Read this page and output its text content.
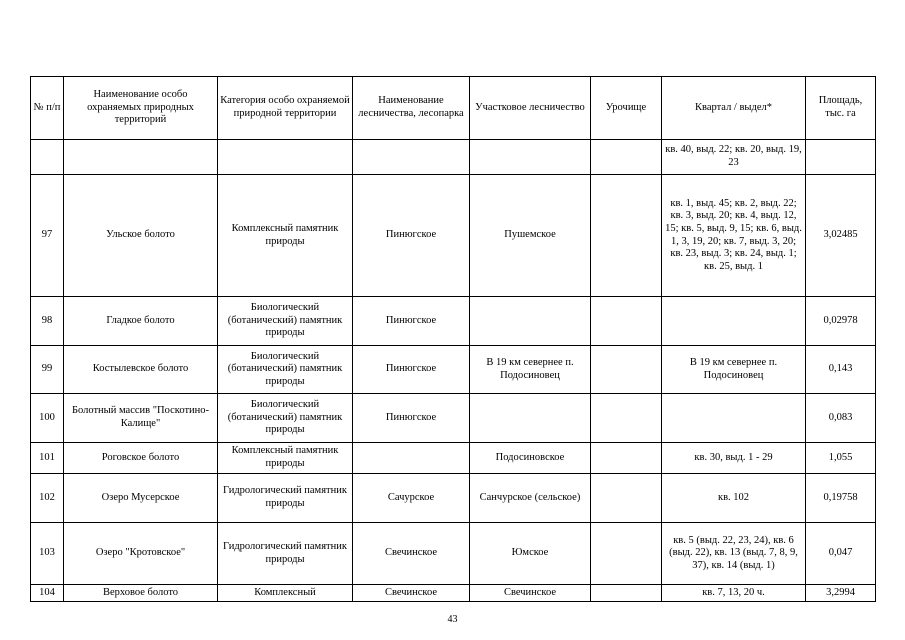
№ п/п	Наименование особо охраняемых природных территорий	Категория особо охраняемой природной территории	Наименование лесничества, лесопарка	Участковое лесничество	Урочище	Квартал / выдел*	Площадь, тыс. га
						кв. 40, выд. 22; кв. 20, выд. 19, 23	
97	Ульское болото	Комплексный памятник природы	Пинюгское	Пушемское		кв. 1, выд. 45; кв. 2, выд. 22; кв. 3, выд. 20; кв. 4, выд. 12, 15; кв. 5, выд. 9, 15; кв. 6, выд. 1, 3, 19, 20; кв. 7, выд. 3, 20; кв. 23, выд. 3; кв. 24, выд. 1; кв. 25, выд. 1	3,02485
98	Гладкое болото	Биологический (ботанический) памятник природы	Пинюгское				0,02978
99	Костылевское болото	Биологический (ботанический) памятник природы	Пинюгское	В 19 км севернее п. Подосиновец		В 19 км севернее п. Подосиновец	0,143
100	Болотный массив "Поскотино-Калище"	Биологический (ботанический) памятник природы	Пинюгское				0,083
101	Роговское болото	Комплексный памятник природы		Подосиновское		кв. 30, выд. 1 - 29	1,055
102	Озеро Мусерское	Гидрологический памятник природы	Сачурское	Санчурское (сельское)		кв. 102	0,19758
103	Озеро "Кротовское"	Гидрологический памятник природы	Свечинское	Юмское		кв. 5 (выд. 22, 23, 24), кв. 6 (выд. 22), кв. 13 (выд. 7, 8, 9, 37), кв. 14 (выд. 1)	0,047
104	Верховое болото	Комплексный	Свечинское	Свечинское		кв. 7, 13, 20 ч.	3,2994
43
